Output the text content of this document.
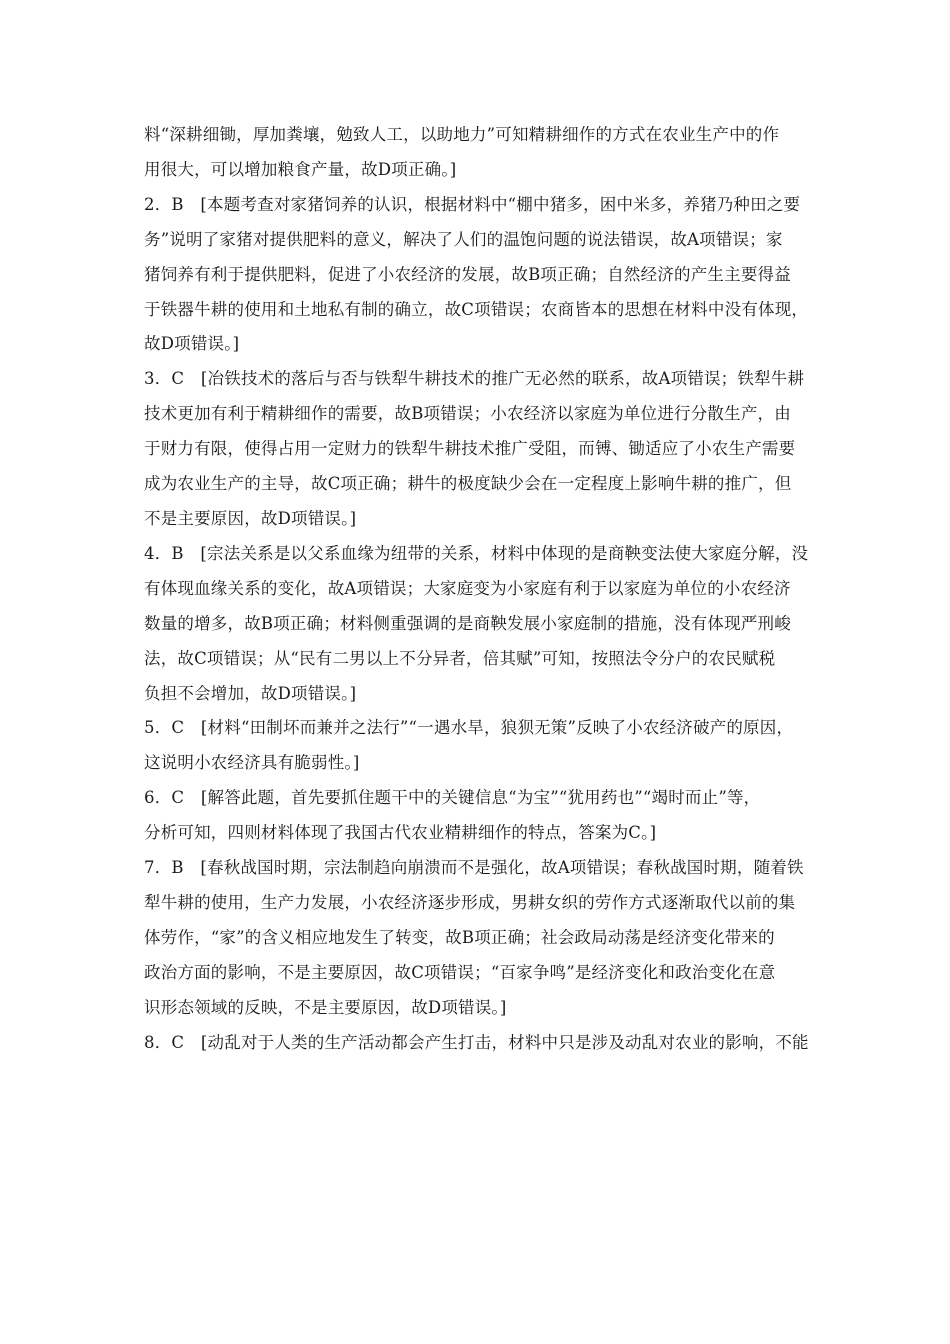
料“深耕细锄，厚加粪壤，勉致人工，以助地力”可知精耕细作的方式在农业生产中的作
用很大，可以增加粮食产量，故D项正确。]
2．B　[本题考查对家猪饲养的认识，根据材料中“棚中猪多，困中米多，养猪乃种田之要
务”说明了家猪对提供肥料的意义，解决了人们的温饱问题的说法错误，故A项错误；家
猪饲养有利于提供肥料，促进了小农经济的发展，故B项正确；自然经济的产生主要得益
于铁器牛耕的使用和土地私有制的确立，故C项错误；农商皆本的思想在材料中没有体现，
故D项错误。]
3．C　[冶铁技术的落后与否与铁犁牛耕技术的推广无必然的联系，故A项错误；铁犁牛耕
技术更加有利于精耕细作的需要，故B项错误；小农经济以家庭为单位进行分散生产，由
于财力有限，使得占用一定财力的铁犁牛耕技术推广受阻，而镈、锄适应了小农生产需要
成为农业生产的主导，故C项正确；耕牛的极度缺少会在一定程度上影响牛耕的推广，但
不是主要原因，故D项错误。]
4．B　[宗法关系是以父系血缘为纽带的关系，材料中体现的是商鞅变法使大家庭分解，没
有体现血缘关系的变化，故A项错误；大家庭变为小家庭有利于以家庭为单位的小农经济
数量的增多，故B项正确；材料侧重强调的是商鞅发展小家庭制的措施，没有体现严刑峻
法，故C项错误；从“民有二男以上不分异者，倍其赋”可知，按照法令分户的农民赋税
负担不会增加，故D项错误。]
5．C　[材料“田制坏而兼并之法行”“一遇水旱，狼狈无策”反映了小农经济破产的原因，
这说明小农经济具有脆弱性。]
6．C　[解答此题，首先要抓住题干中的关键信息“为宝”“犹用药也”“竭时而止”等，
分析可知，四则材料体现了我国古代农业精耕细作的特点，答案为C。]
7．B　[春秋战国时期，宗法制趋向崩溃而不是强化，故A项错误；春秋战国时期，随着铁
犁牛耕的使用，生产力发展，小农经济逐步形成，男耕女织的劳作方式逐渐取代以前的集
体劳作，“家”的含义相应地发生了转变，故B项正确；社会政局动荡是经济变化带来的
政治方面的影响，不是主要原因，故C项错误；“百家争鸣”是经济变化和政治变化在意
识形态领域的反映，不是主要原因，故D项错误。]
8．C　[动乱对于人类的生产活动都会产生打击，材料中只是涉及动乱对农业的影响，不能
